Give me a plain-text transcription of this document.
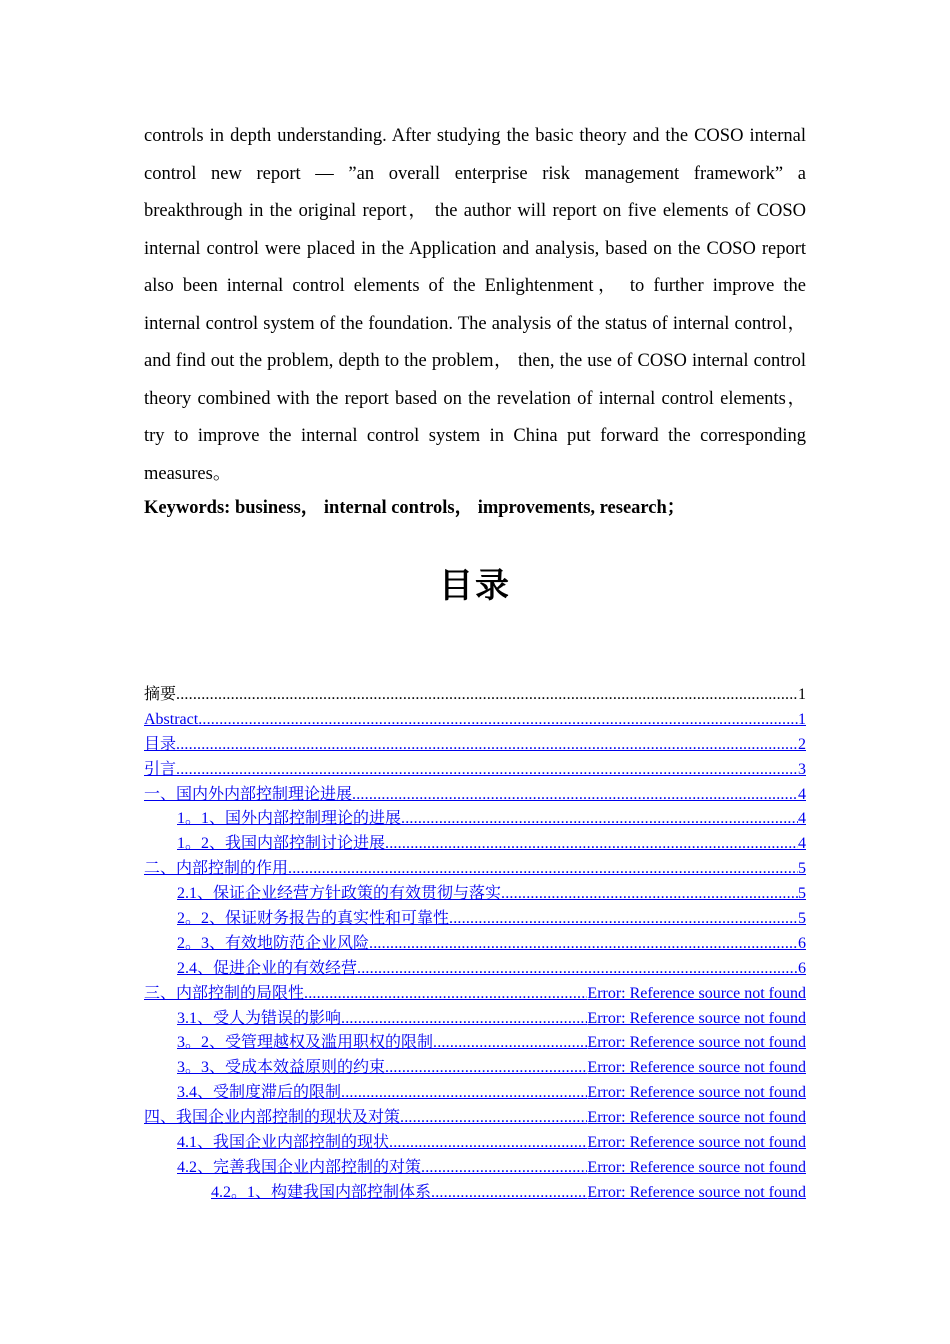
controls in depth understanding. After studying the basic theory and the COSO internal control new report — ”an overall enterprise risk management framework” a breakthrough in the original report， the author will report on five elements of COSO internal control were placed in the Application and analysis, based on the COSO report also been internal control elements of the Enlightenment， to further improve the internal control system of the foundation. The analysis of the status of internal control， and find out the problem, depth to the problem， then, the use of COSO internal control theory combined with the report based on the revelation of internal control elements， try to improve the internal control system in China put forward the corresponding measures。

Keywords: business， internal controls， improvements, research；
目录
摘要 .....	1
Abstract .....	1
目录 .....	2
引言 .....	3
一、国内外内部控制理论进展 .....	4
1。1、国外内部控制理论的进展 .....	4
1。2、我国内部控制讨论进展 .....	4
二、内部控制的作用 .....	5
2.1、保证企业经营方针政策的有效贯彻与落实 .....	5
2。2、保证财务报告的真实性和可靠性 .....	5
2。3、有效地防范企业风险 .....	6
2.4、促进企业的有效经营 .....	6
三、内部控制的局限性 .....	Error: Reference source not found
3.1、受人为错误的影响 .....	Error: Reference source not found
3。2、受管理越权及滥用职权的限制 .....	Error: Reference source not found
3。3、受成本效益原则的约束 .....	Error: Reference source not found
3.4、受制度滞后的限制 .....	Error: Reference source not found
四、我国企业内部控制的现状及对策 .....	Error: Reference source not found
4.1、我国企业内部控制的现状 .....	Error: Reference source not found
4.2、完善我国企业内部控制的对策 .....	Error: Reference source not found
4.2。1、构建我国内部控制体系 .....	Error: Reference source not found
